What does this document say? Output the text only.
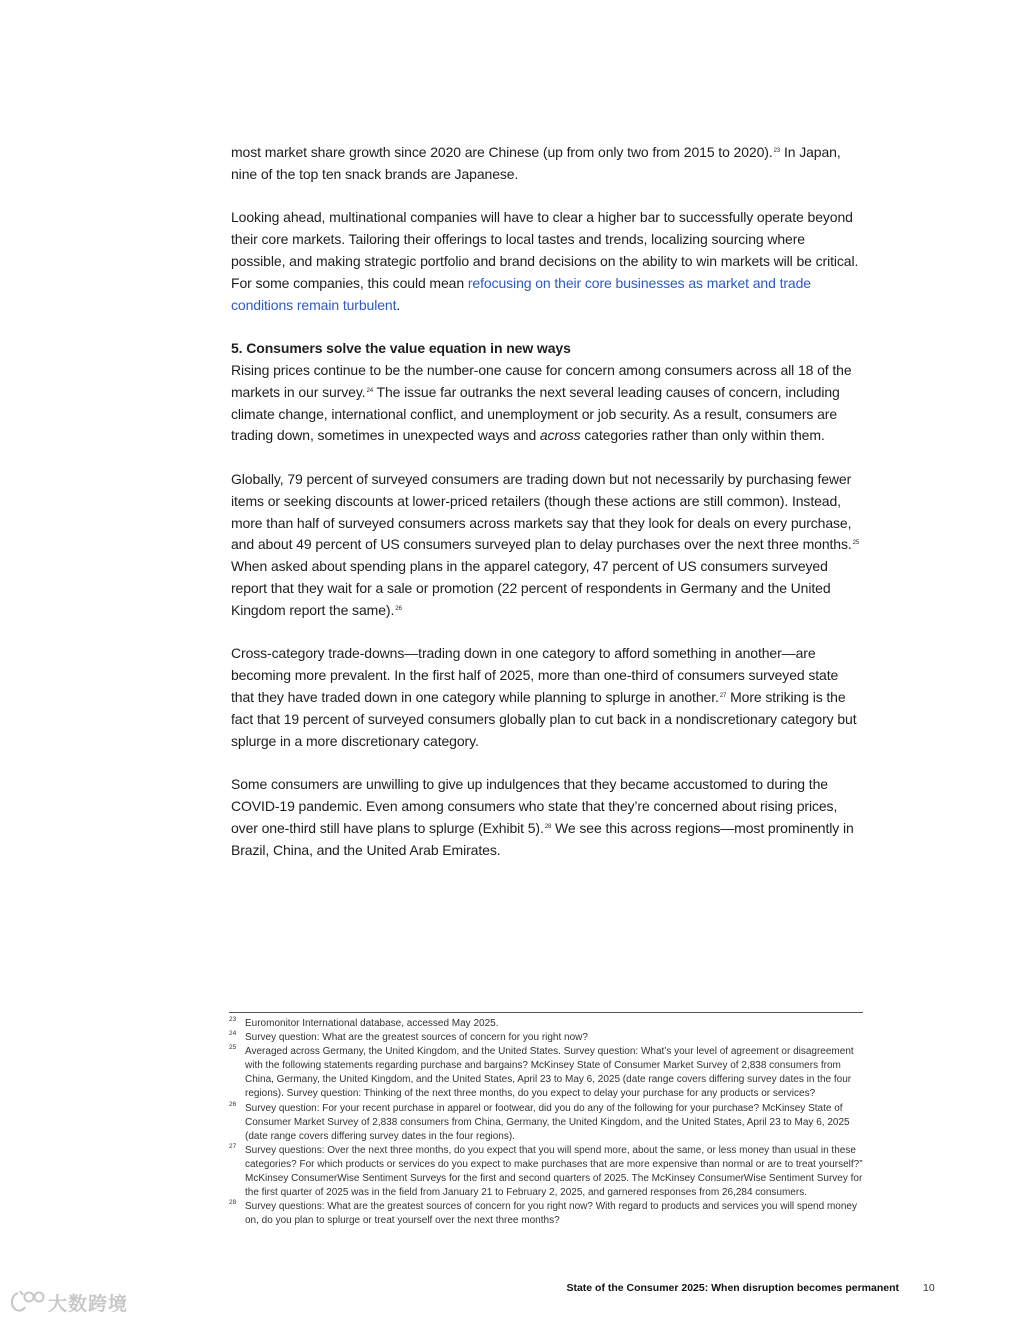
most market share growth since 2020 are Chinese (up from only two from 2015 to 2020).$^{23}$ In Japan, nine of the top ten snack brands are Japanese.

Looking ahead, multinational companies will have to clear a higher bar to successfully operate beyond their core markets. Tailoring their offerings to local tastes and trends, localizing sourcing where possible, and making strategic portfolio and brand decisions on the ability to win markets will be critical. For some companies, this could mean refocusing on their core businesses as market and trade conditions remain turbulent.

5. Consumers solve the value equation in new ways

Rising prices continue to be the number-one cause for concern among consumers across all 18 of the markets in our survey.$^{24}$ The issue far outranks the next several leading causes of concern, including climate change, international conflict, and unemployment or job security. As a result, consumers are trading down, sometimes in unexpected ways and across categories rather than only within them.

Globally, 79 percent of surveyed consumers are trading down but not necessarily by purchasing fewer items or seeking discounts at lower-priced retailers (though these actions are still common). Instead, more than half of surveyed consumers across markets say that they look for deals on every purchase, and about 49 percent of US consumers surveyed plan to delay purchases over the next three months.$^{25}$ When asked about spending plans in the apparel category, 47 percent of US consumers surveyed report that they wait for a sale or promotion (22 percent of respondents in Germany and the United Kingdom report the same).$^{26}$

Cross-category trade-downs—trading down in one category to afford something in another—are becoming more prevalent. In the first half of 2025, more than one-third of consumers surveyed state that they have traded down in one category while planning to splurge in another.$^{27}$ More striking is the fact that 19 percent of surveyed consumers globally plan to cut back in a nondiscretionary category but splurge in a more discretionary category.

Some consumers are unwilling to give up indulgences that they became accustomed to during the COVID-19 pandemic. Even among consumers who state that they’re concerned about rising prices, over one-third still have plans to splurge (Exhibit 5).$^{28}$ We see this across regions—most prominently in Brazil, China, and the United Arab Emirates.

23 Euromonitor International database, accessed May 2025.
24 Survey question: What are the greatest sources of concern for you right now?
25 Averaged across Germany, the United Kingdom, and the United States. Survey question: What’s your level of agreement or disagreement with the following statements regarding purchase and bargains? McKinsey State of Consumer Market Survey of 2,838 consumers from China, Germany, the United Kingdom, and the United States, April 23 to May 6, 2025 (date range covers differing survey dates in the four regions). Survey question: Thinking of the next three months, do you expect to delay your purchase for any products or services?
26 Survey question: For your recent purchase in apparel or footwear, did you do any of the following for your purchase? McKinsey State of Consumer Market Survey of 2,838 consumers from China, Germany, the United Kingdom, and the United States, April 23 to May 6, 2025 (date range covers differing survey dates in the four regions).
27 Survey questions: Over the next three months, do you expect that you will spend more, about the same, or less money than usual in these categories? For which products or services do you expect to make purchases that are more expensive than normal or are to treat yourself?” McKinsey ConsumerWise Sentiment Surveys for the first and second quarters of 2025. The McKinsey ConsumerWise Sentiment Survey for the first quarter of 2025 was in the field from January 21 to February 2, 2025, and garnered responses from 26,284 consumers.
28 Survey questions: What are the greatest sources of concern for you right now? With regard to products and services you will spend money on, do you plan to splurge or treat yourself over the next three months?
State of the Consumer 2025: When disruption becomes permanent 10
大数跨境
